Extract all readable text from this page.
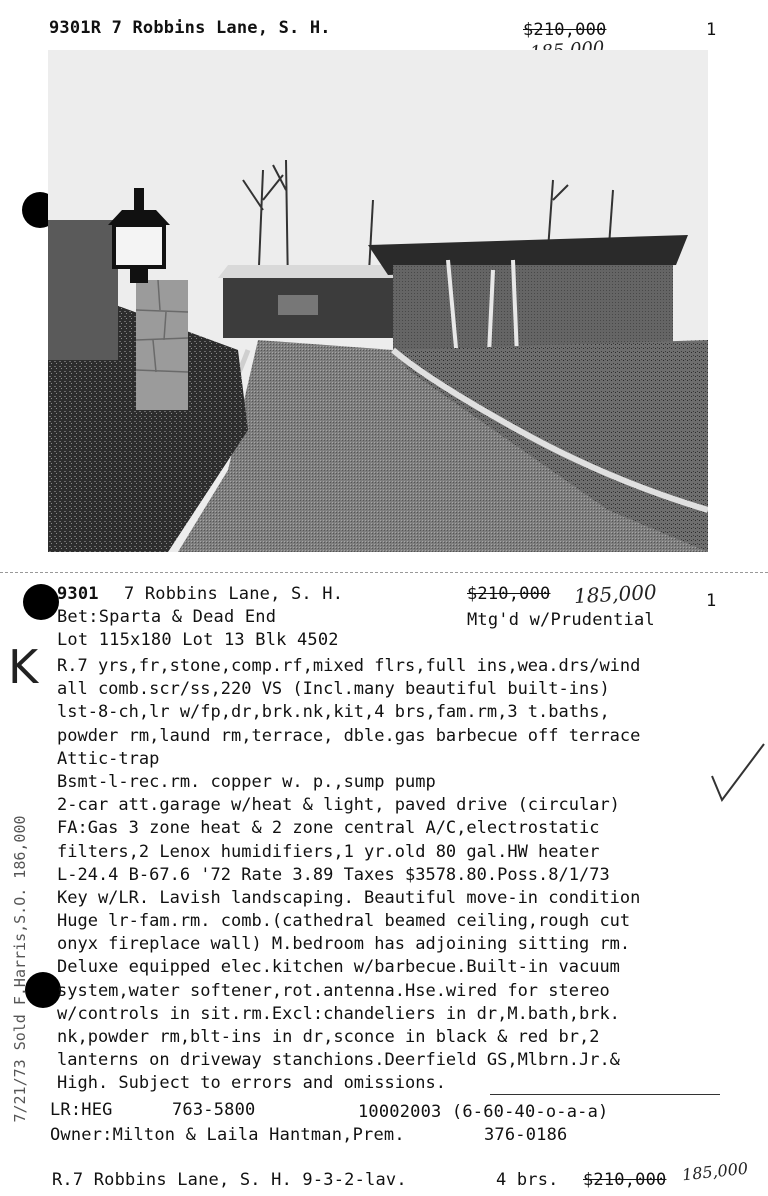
9301R 7 Robbins Lane, S. H.	$210,000	1
9301 7 Robbins Lane, S. H.	$210,000 185,000	1
Bet:Sparta & Dead End	Mtg'd w/Prudential
Lot 115x180 Lot 13 Blk 4502
K R.7 yrs,fr,stone,comp.rf,mixed flrs,full ins,wea.drs/wind
all comb.scr/ss,220 VS (Incl.many beautiful built-ins)
lst-8-ch,lr w/fp,dr,brk.nk,kit,4 brs,fam.rm,3 t.baths,
powder rm,laund rm,terrace, dble.gas barbecue off terrace
Attic-trap
Bsmt-l-rec.rm. copper w. p.,sump pump
2-car att.garage w/heat & light, paved drive (circular)
FA:Gas 3 zone heat & 2 zone central A/C,electrostatic
filters,2 Lenox humidifiers,1 yr.old 80 gal.HW heater
L-24.4 B-67.6 '72 Rate 3.89 Taxes $3578.80.Poss.8/1/73
Key w/LR. Lavish landscaping. Beautiful move-in condition
Huge lr-fam.rm. comb.(cathedral beamed ceiling,rough cut
onyx fireplace wall) M.bedroom has adjoining sitting rm.
Deluxe equipped elec.kitchen w/barbecue.Built-in vacuum
system,water softener,rot.antenna.Hse.wired for stereo
w/controls in sit.rm.Excl:chandeliers in dr,M.bath,brk.
nk,powder rm,blt-ins in dr,sconce in black & red br,2
lanterns on driveway stanchions.Deerfield GS,Mlbrn.Jr.&
High. Subject to errors and omissions.
LR:HEG	763-5800	10002003 (6-60-40-o-a-a)
Owner:Milton & Laila Hantman,Prem.	376-0186
R.7 Robbins Lane, S. H. 9-3-2-lav.	4 brs. $210,000 185,000
7/21/73 Sold F.Harris,S.O. 186,000
